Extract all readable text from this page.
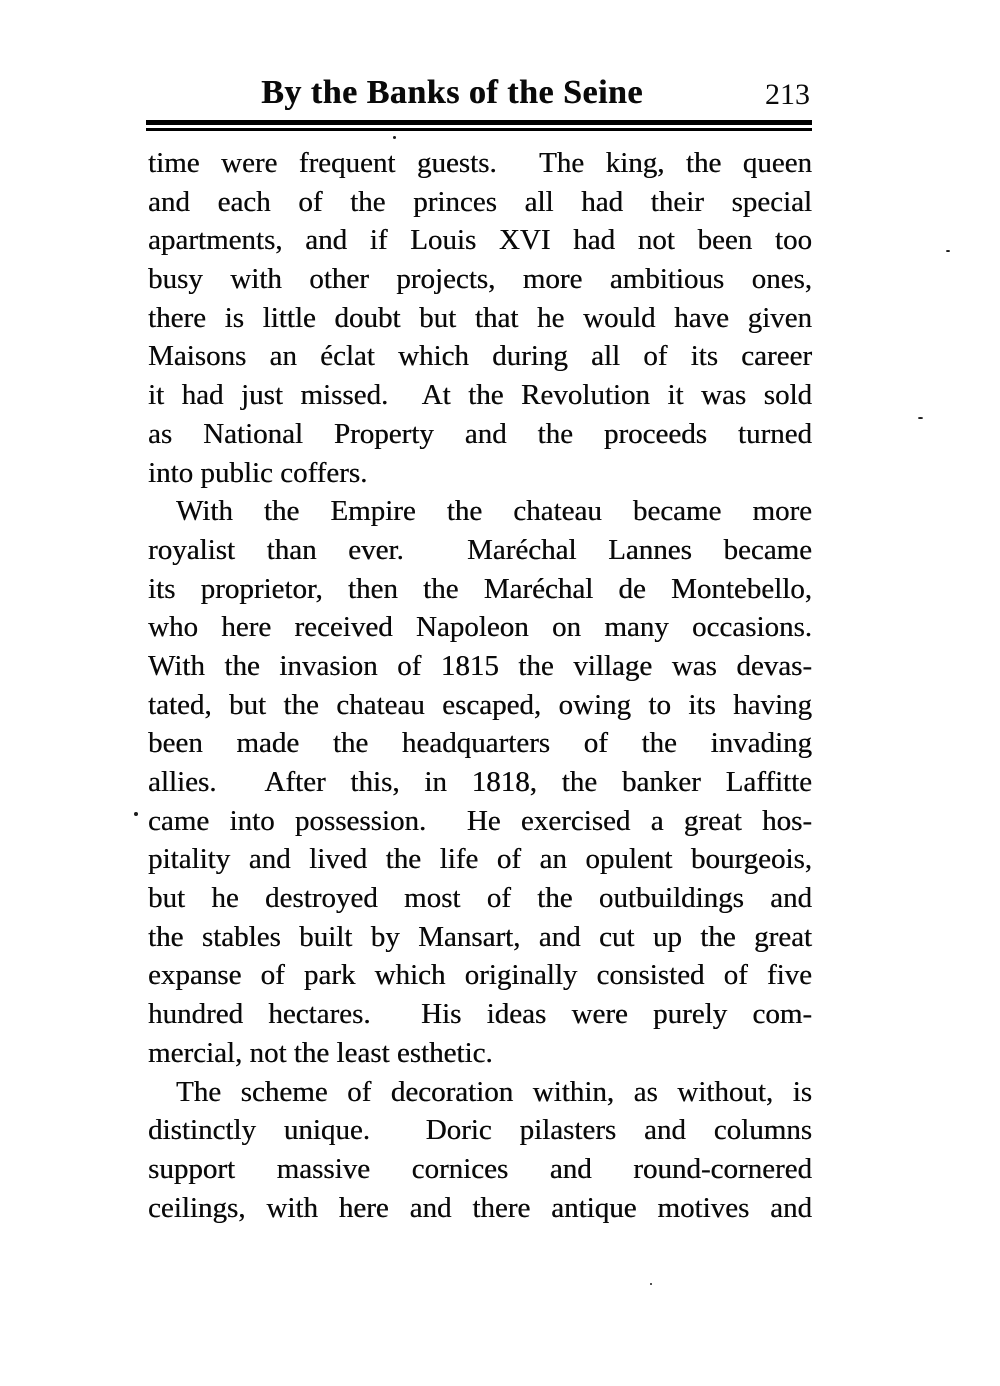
By the Banks of the Seine	213
time were frequent guests.  The king, the queen
and each of the princes all had their special
apartments, and if Louis XVI had not been too
busy with other projects, more ambitious ones,
there is little doubt but that he would have given
Maisons an éclat which during all of its career
it had just missed.  At the Revolution it was sold
as National Property and the proceeds turned
into public coffers.
With the Empire the chateau became more
royalist than ever.  Maréchal Lannes became
its proprietor, then the Maréchal de Montebello,
who here received Napoleon on many occasions.
With the invasion of 1815 the village was devas-
tated, but the chateau escaped, owing to its having
been made the headquarters of the invading
allies.  After this, in 1818, the banker Laffitte
came into possession.  He exercised a great hos-
pitality and lived the life of an opulent bourgeois,
but he destroyed most of the outbuildings and
the stables built by Mansart, and cut up the great
expanse of park which originally consisted of five
hundred hectares.  His ideas were purely com-
mercial, not the least esthetic.
The scheme of decoration within, as without, is
distinctly unique.  Doric pilasters and columns
support massive cornices and round-cornered
ceilings, with here and there antique motives and
